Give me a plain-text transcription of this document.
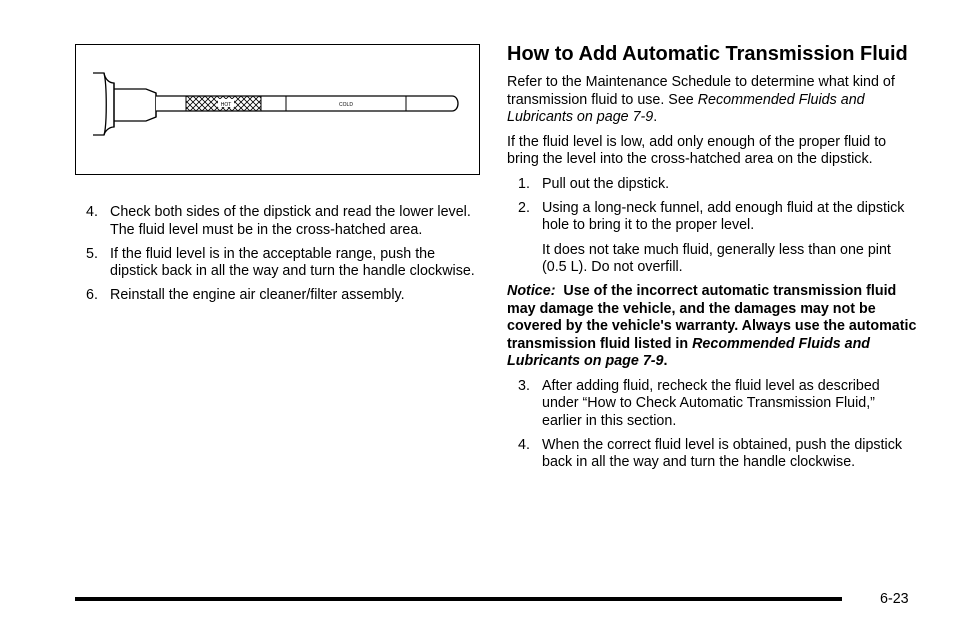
HOT	COLD
4. Check both sides of the dipstick and read the lower level. The fluid level must be in the cross-hatched area.
5. If the fluid level is in the acceptable range, push the dipstick back in all the way and turn the handle clockwise.
6. Reinstall the engine air cleaner/filter assembly.
How to Add Automatic Transmission Fluid

Refer to the Maintenance Schedule to determine what kind of transmission fluid to use. See Recommended Fluids and Lubricants on page 7-9.

If the fluid level is low, add only enough of the proper fluid to bring the level into the cross-hatched area on the dipstick.

1. Pull out the dipstick.
2. Using a long-neck funnel, add enough fluid at the dipstick hole to bring it to the proper level.
It does not take much fluid, generally less than one pint (0.5 L). Do not overfill.

Notice: Use of the incorrect automatic transmission fluid may damage the vehicle, and the damages may not be covered by the vehicle's warranty. Always use the automatic transmission fluid listed in Recommended Fluids and Lubricants on page 7-9.

3. After adding fluid, recheck the fluid level as described under “How to Check Automatic Transmission Fluid,” earlier in this section.
4. When the correct fluid level is obtained, push the dipstick back in all the way and turn the handle clockwise.
6-23
